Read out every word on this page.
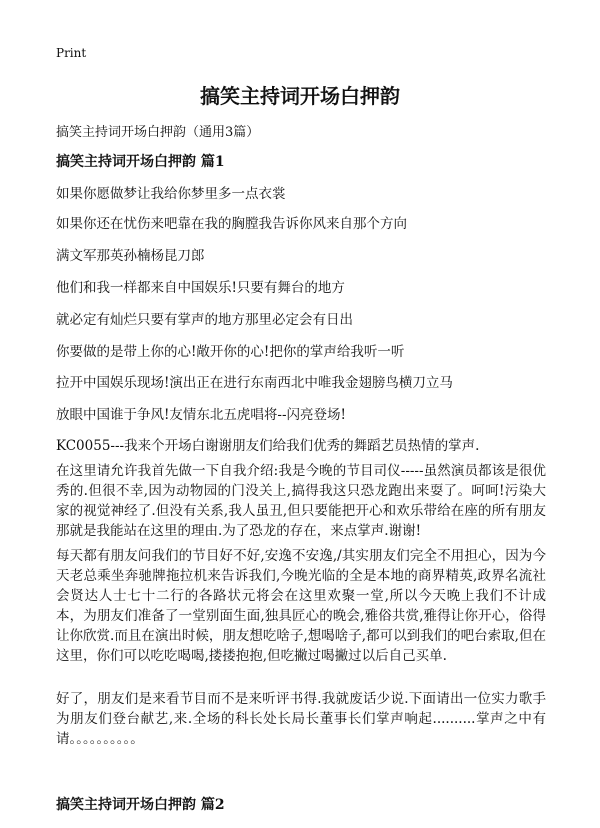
Print
搞笑主持词开场白押韵
搞笑主持词开场白押韵（通用3篇）
搞笑主持词开场白押韵 篇1
如果你愿做梦让我给你梦里多一点衣裳
如果你还在忧伤来吧靠在我的胸膛我告诉你风来自那个方向
满文军那英孙楠杨昆刀郎
他们和我一样都来自中国娱乐!只要有舞台的地方
就必定有灿烂只要有掌声的地方那里必定会有日出
你要做的是带上你的心!敞开你的心!把你的掌声给我听一听
拉开中国娱乐现场!演出正在进行东南西北中唯我金翅膀鸟横刀立马
放眼中国谁于争风!友情东北五虎唱将--闪亮登场!
KC0055---我来个开场白谢谢朋友们给我们优秀的舞蹈艺员热情的掌声.
在这里请允许我首先做一下自我介绍:我是今晚的节目司仪-----虽然演员都该是很优秀的.但很不幸,因为动物园的门没关上,搞得我这只恐龙跑出来耍了。呵呵!污染大家的视觉神经了.但没有关系,我人虽丑,但只要能把开心和欢乐带给在座的所有朋友那就是我能站在这里的理由.为了恐龙的存在，来点掌声.谢谢!
每天都有朋友问我们的节目好不好,安逸不安逸,/其实朋友们完全不用担心，因为今天老总乘坐奔驰牌拖拉机来告诉我们,今晚光临的全是本地的商界精英,政界名流社会贤达人士七十二行的各路状元将会在这里欢聚一堂,所以今天晚上我们不计成本，为朋友们准备了一堂别面生面,独具匠心的晚会,雅俗共赏,雅得让你开心，俗得让你欣赏.而且在演出时候，朋友想吃啥子,想喝啥子,都可以到我们的吧台索取,但在这里，你们可以吃吃喝喝,搂搂抱抱,但吃撇过喝撇过以后自己买单.
好了，朋友们是来看节目而不是来听评书得.我就废话少说.下面请出一位实力歌手为朋友们登台献艺,来.全场的科长处长局长董事长们掌声响起..........掌声之中有请。。。。。。。。。。
搞笑主持词开场白押韵 篇2
